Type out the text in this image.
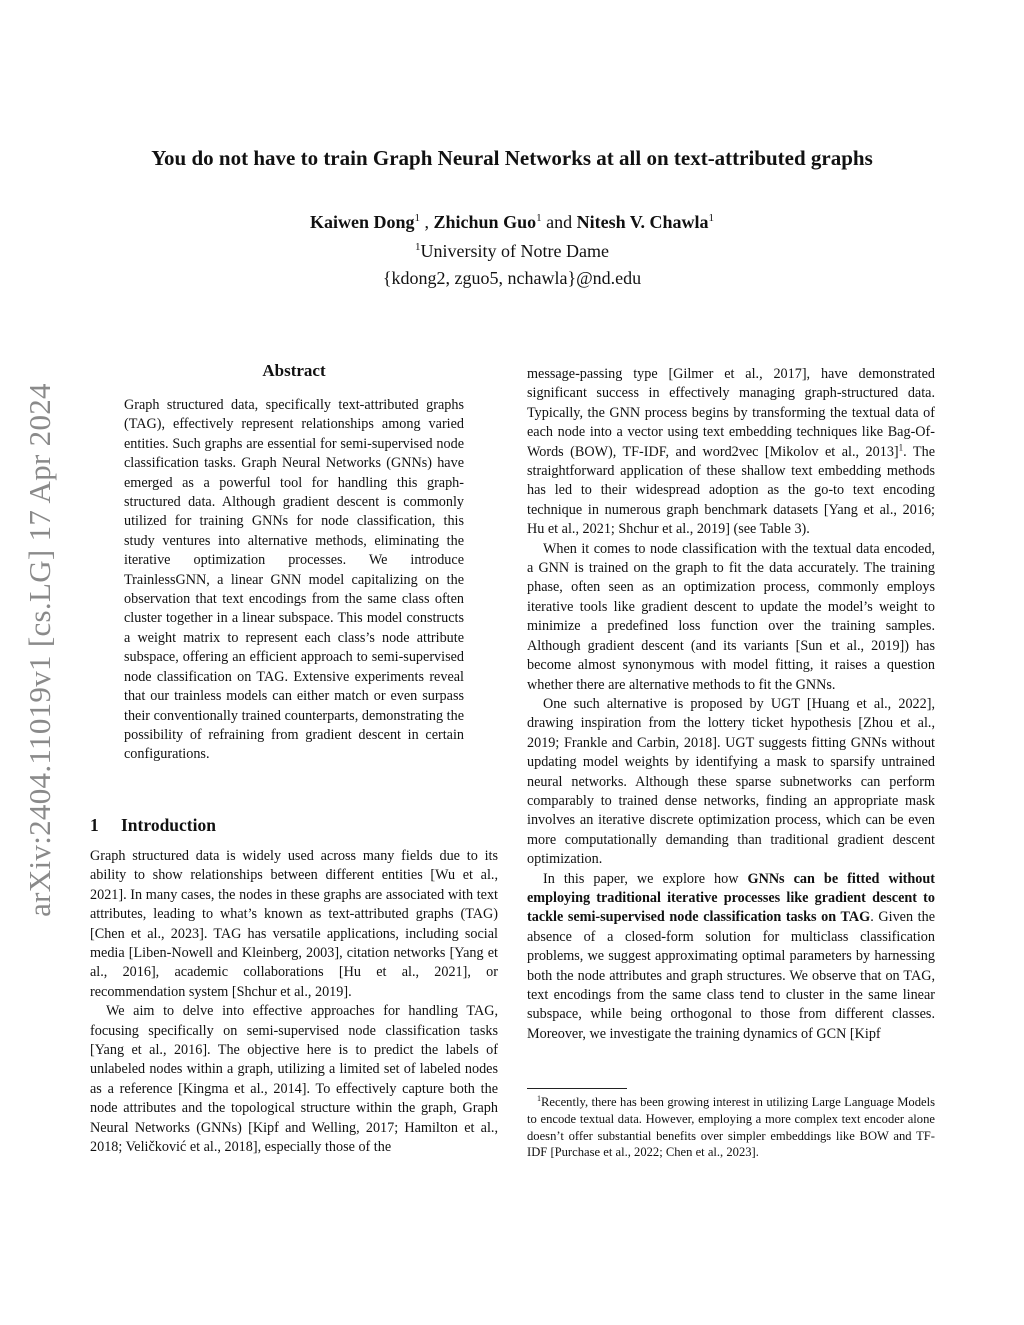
arXiv:2404.11019v1 [cs.LG] 17 Apr 2024
You do not have to train Graph Neural Networks at all on text-attributed graphs
Kaiwen Dong$^1$ , Zhichun Guo$^1$ and Nitesh V. Chawla$^1$
$^1$University of Notre Dame
{kdong2, zguo5, nchawla}@nd.edu
Abstract
Graph structured data, specifically text-attributed graphs (TAG), effectively represent relationships among varied entities. Such graphs are essential for semi-supervised node classification tasks. Graph Neural Networks (GNNs) have emerged as a powerful tool for handling this graph-structured data. Although gradient descent is commonly utilized for training GNNs for node classification, this study ventures into alternative methods, eliminating the iterative optimization processes. We introduce TrainlessGNN, a linear GNN model capitalizing on the observation that text encodings from the same class often cluster together in a linear subspace. This model constructs a weight matrix to represent each class’s node attribute subspace, offering an efficient approach to semi-supervised node classification on TAG. Extensive experiments reveal that our trainless models can either match or even surpass their conventionally trained counterparts, demonstrating the possibility of refraining from gradient descent in certain configurations.
1 Introduction

Graph structured data is widely used across many fields due to its ability to show relationships between different entities [Wu et al., 2021]. In many cases, the nodes in these graphs are associated with text attributes, leading to what’s known as text-attributed graphs (TAG) [Chen et al., 2023]. TAG has versatile applications, including social media [Liben-Nowell and Kleinberg, 2003], citation networks [Yang et al., 2016], academic collaborations [Hu et al., 2021], or recommendation system [Shchur et al., 2019].

We aim to delve into effective approaches for handling TAG, focusing specifically on semi-supervised node classification tasks [Yang et al., 2016]. The objective here is to predict the labels of unlabeled nodes within a graph, utilizing a limited set of labeled nodes as a reference [Kingma et al., 2014]. To effectively capture both the node attributes and the topological structure within the graph, Graph Neural Networks (GNNs) [Kipf and Welling, 2017; Hamilton et al., 2018; Veličković et al., 2018], especially those of the

message-passing type [Gilmer et al., 2017], have demonstrated significant success in effectively managing graph-structured data. Typically, the GNN process begins by transforming the textual data of each node into a vector using text embedding techniques like Bag-Of-Words (BOW), TF-IDF, and word2vec [Mikolov et al., 2013]$^1$. The straightforward application of these shallow text embedding methods has led to their widespread adoption as the go-to text encoding technique in numerous graph benchmark datasets [Yang et al., 2016; Hu et al., 2021; Shchur et al., 2019] (see Table 3).

When it comes to node classification with the textual data encoded, a GNN is trained on the graph to fit the data accurately. The training phase, often seen as an optimization process, commonly employs iterative tools like gradient descent to update the model’s weight to minimize a predefined loss function over the training samples. Although gradient descent (and its variants [Sun et al., 2019]) has become almost synonymous with model fitting, it raises a question whether there are alternative methods to fit the GNNs.

One such alternative is proposed by UGT [Huang et al., 2022], drawing inspiration from the lottery ticket hypothesis [Zhou et al., 2019; Frankle and Carbin, 2018]. UGT suggests fitting GNNs without updating model weights by identifying a mask to sparsify untrained neural networks. Although these sparse subnetworks can perform comparably to trained dense networks, finding an appropriate mask involves an iterative discrete optimization process, which can be even more computationally demanding than traditional gradient descent optimization.

In this paper, we explore how GNNs can be fitted without employing traditional iterative processes like gradient descent to tackle semi-supervised node classification tasks on TAG. Given the absence of a closed-form solution for multiclass classification problems, we suggest approximating optimal parameters by harnessing both the node attributes and graph structures. We observe that on TAG, text encodings from the same class tend to cluster in the same linear subspace, while being orthogonal to those from different classes. Moreover, we investigate the training dynamics of GCN [Kipf

$^1$Recently, there has been growing interest in utilizing Large Language Models to encode textual data. However, employing a more complex text encoder alone doesn’t offer substantial benefits over simpler embeddings like BOW and TF-IDF [Purchase et al., 2022; Chen et al., 2023].
